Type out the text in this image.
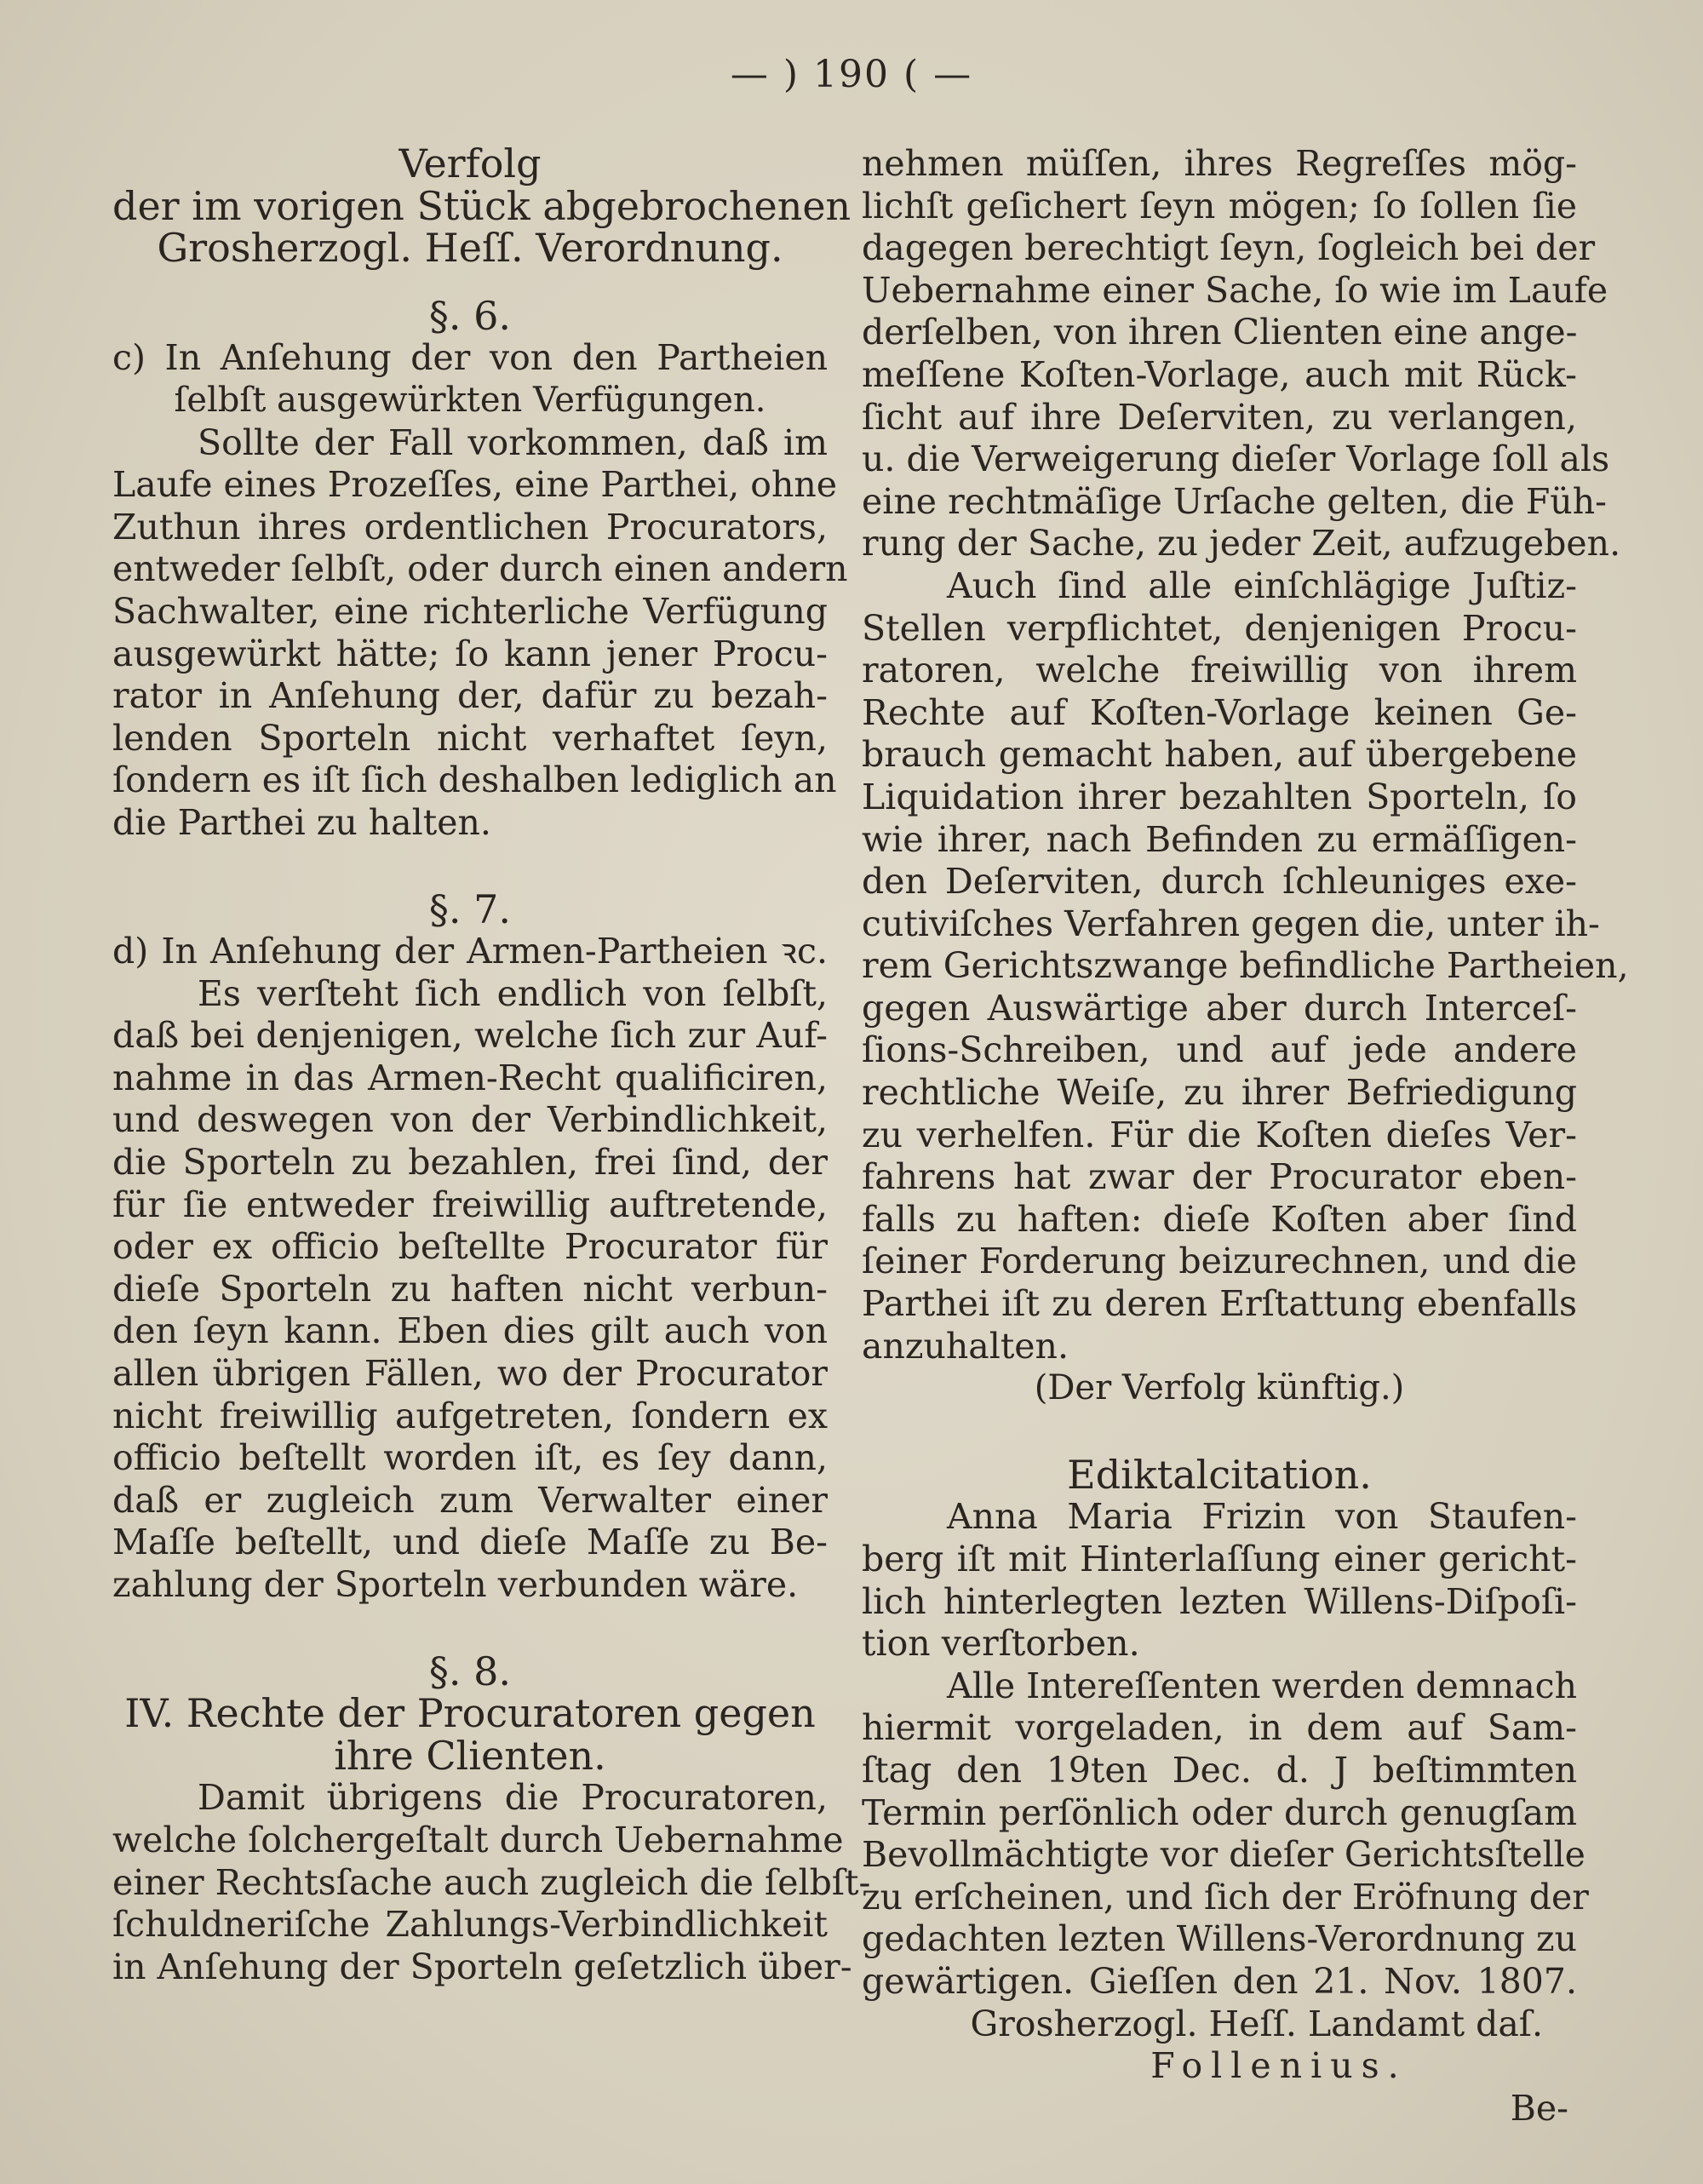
— ) 190 ( —
Verfolg
der im vorigen Stück abgebrochenen
Grosherzogl. Heſſ. Verordnung.
§. 6.
c) In Anſehung der von den Partheien
ſelbſt ausgewürkten Verfügungen.
Sollte der Fall vorkommen, daß im
Laufe eines Prozeſſes, eine Parthei, ohne
Zuthun ihres ordentlichen Procurators,
entweder ſelbſt, oder durch einen andern
Sachwalter, eine richterliche Verfügung
ausgewürkt hätte; ſo kann jener Procu-
rator in Anſehung der, dafür zu bezah-
lenden Sporteln nicht verhaftet ſeyn,
ſondern es iſt ſich deshalben lediglich an
die Parthei zu halten.
§. 7.
d) In Anſehung der Armen-Partheien ꝛc.
Es verſteht ſich endlich von ſelbſt,
daß bei denjenigen, welche ſich zur Auf-
nahme in das Armen-Recht qualificiren,
und deswegen von der Verbindlichkeit,
die Sporteln zu bezahlen, frei ſind, der
für ſie entweder freiwillig auftretende,
oder ex officio beſtellte Procurator für
dieſe Sporteln zu haften nicht verbun-
den ſeyn kann. Eben dies gilt auch von
allen übrigen Fällen, wo der Procurator
nicht freiwillig aufgetreten, ſondern ex
officio beſtellt worden iſt, es ſey dann,
daß er zugleich zum Verwalter einer
Maſſe beſtellt, und dieſe Maſſe zu Be-
zahlung der Sporteln verbunden wäre.
§. 8.
IV. Rechte der Procuratoren gegen
ihre Clienten.
Damit übrigens die Procuratoren,
welche ſolchergeſtalt durch Uebernahme
einer Rechtsſache auch zugleich die ſelbſt-
ſchuldneriſche Zahlungs-Verbindlichkeit
in Anſehung der Sporteln geſetzlich über-
nehmen müſſen, ihres Regreſſes mög-
lichſt geſichert ſeyn mögen; ſo ſollen ſie
dagegen berechtigt ſeyn, ſogleich bei der
Uebernahme einer Sache, ſo wie im Laufe
derſelben, von ihren Clienten eine ange-
meſſene Koſten-Vorlage, auch mit Rück-
ſicht auf ihre Deſerviten, zu verlangen,
u. die Verweigerung dieſer Vorlage ſoll als
eine rechtmäſige Urſache gelten, die Füh-
rung der Sache, zu jeder Zeit, aufzugeben.
Auch ſind alle einſchlägige Juſtiz-
Stellen verpflichtet, denjenigen Procu-
ratoren, welche freiwillig von ihrem
Rechte auf Koſten-Vorlage keinen Ge-
brauch gemacht haben, auf übergebene
Liquidation ihrer bezahlten Sporteln, ſo
wie ihrer, nach Befinden zu ermäſſigen-
den Deſerviten, durch ſchleuniges exe-
cutiviſches Verfahren gegen die, unter ih-
rem Gerichtszwange befindliche Partheien,
gegen Auswärtige aber durch Interceſ-
ſions-Schreiben, und auf jede andere
rechtliche Weiſe, zu ihrer Befriedigung
zu verhelfen. Für die Koſten dieſes Ver-
fahrens hat zwar der Procurator eben-
falls zu haften: dieſe Koſten aber ſind
ſeiner Forderung beizurechnen, und die
Parthei iſt zu deren Erſtattung ebenfalls
anzuhalten.
(Der Verfolg künftig.)
Ediktalcitation.
Anna Maria Frizin von Staufen-
berg iſt mit Hinterlaſſung einer gericht-
lich hinterlegten lezten Willens-Diſpoſi-
tion verſtorben.
Alle Intereſſenten werden demnach
hiermit vorgeladen, in dem auf Sam-
ſtag den 19ten Dec. d. J beſtimmten
Termin perſönlich oder durch genugſam
Bevollmächtigte vor dieſer Gerichtsſtelle
zu erſcheinen, und ſich der Eröfnung der
gedachten lezten Willens-Verordnung zu
gewärtigen. Gieſſen den 21. Nov. 1807.
Grosherzogl. Heſſ. Landamt daſ.
Follenius.
Be-
